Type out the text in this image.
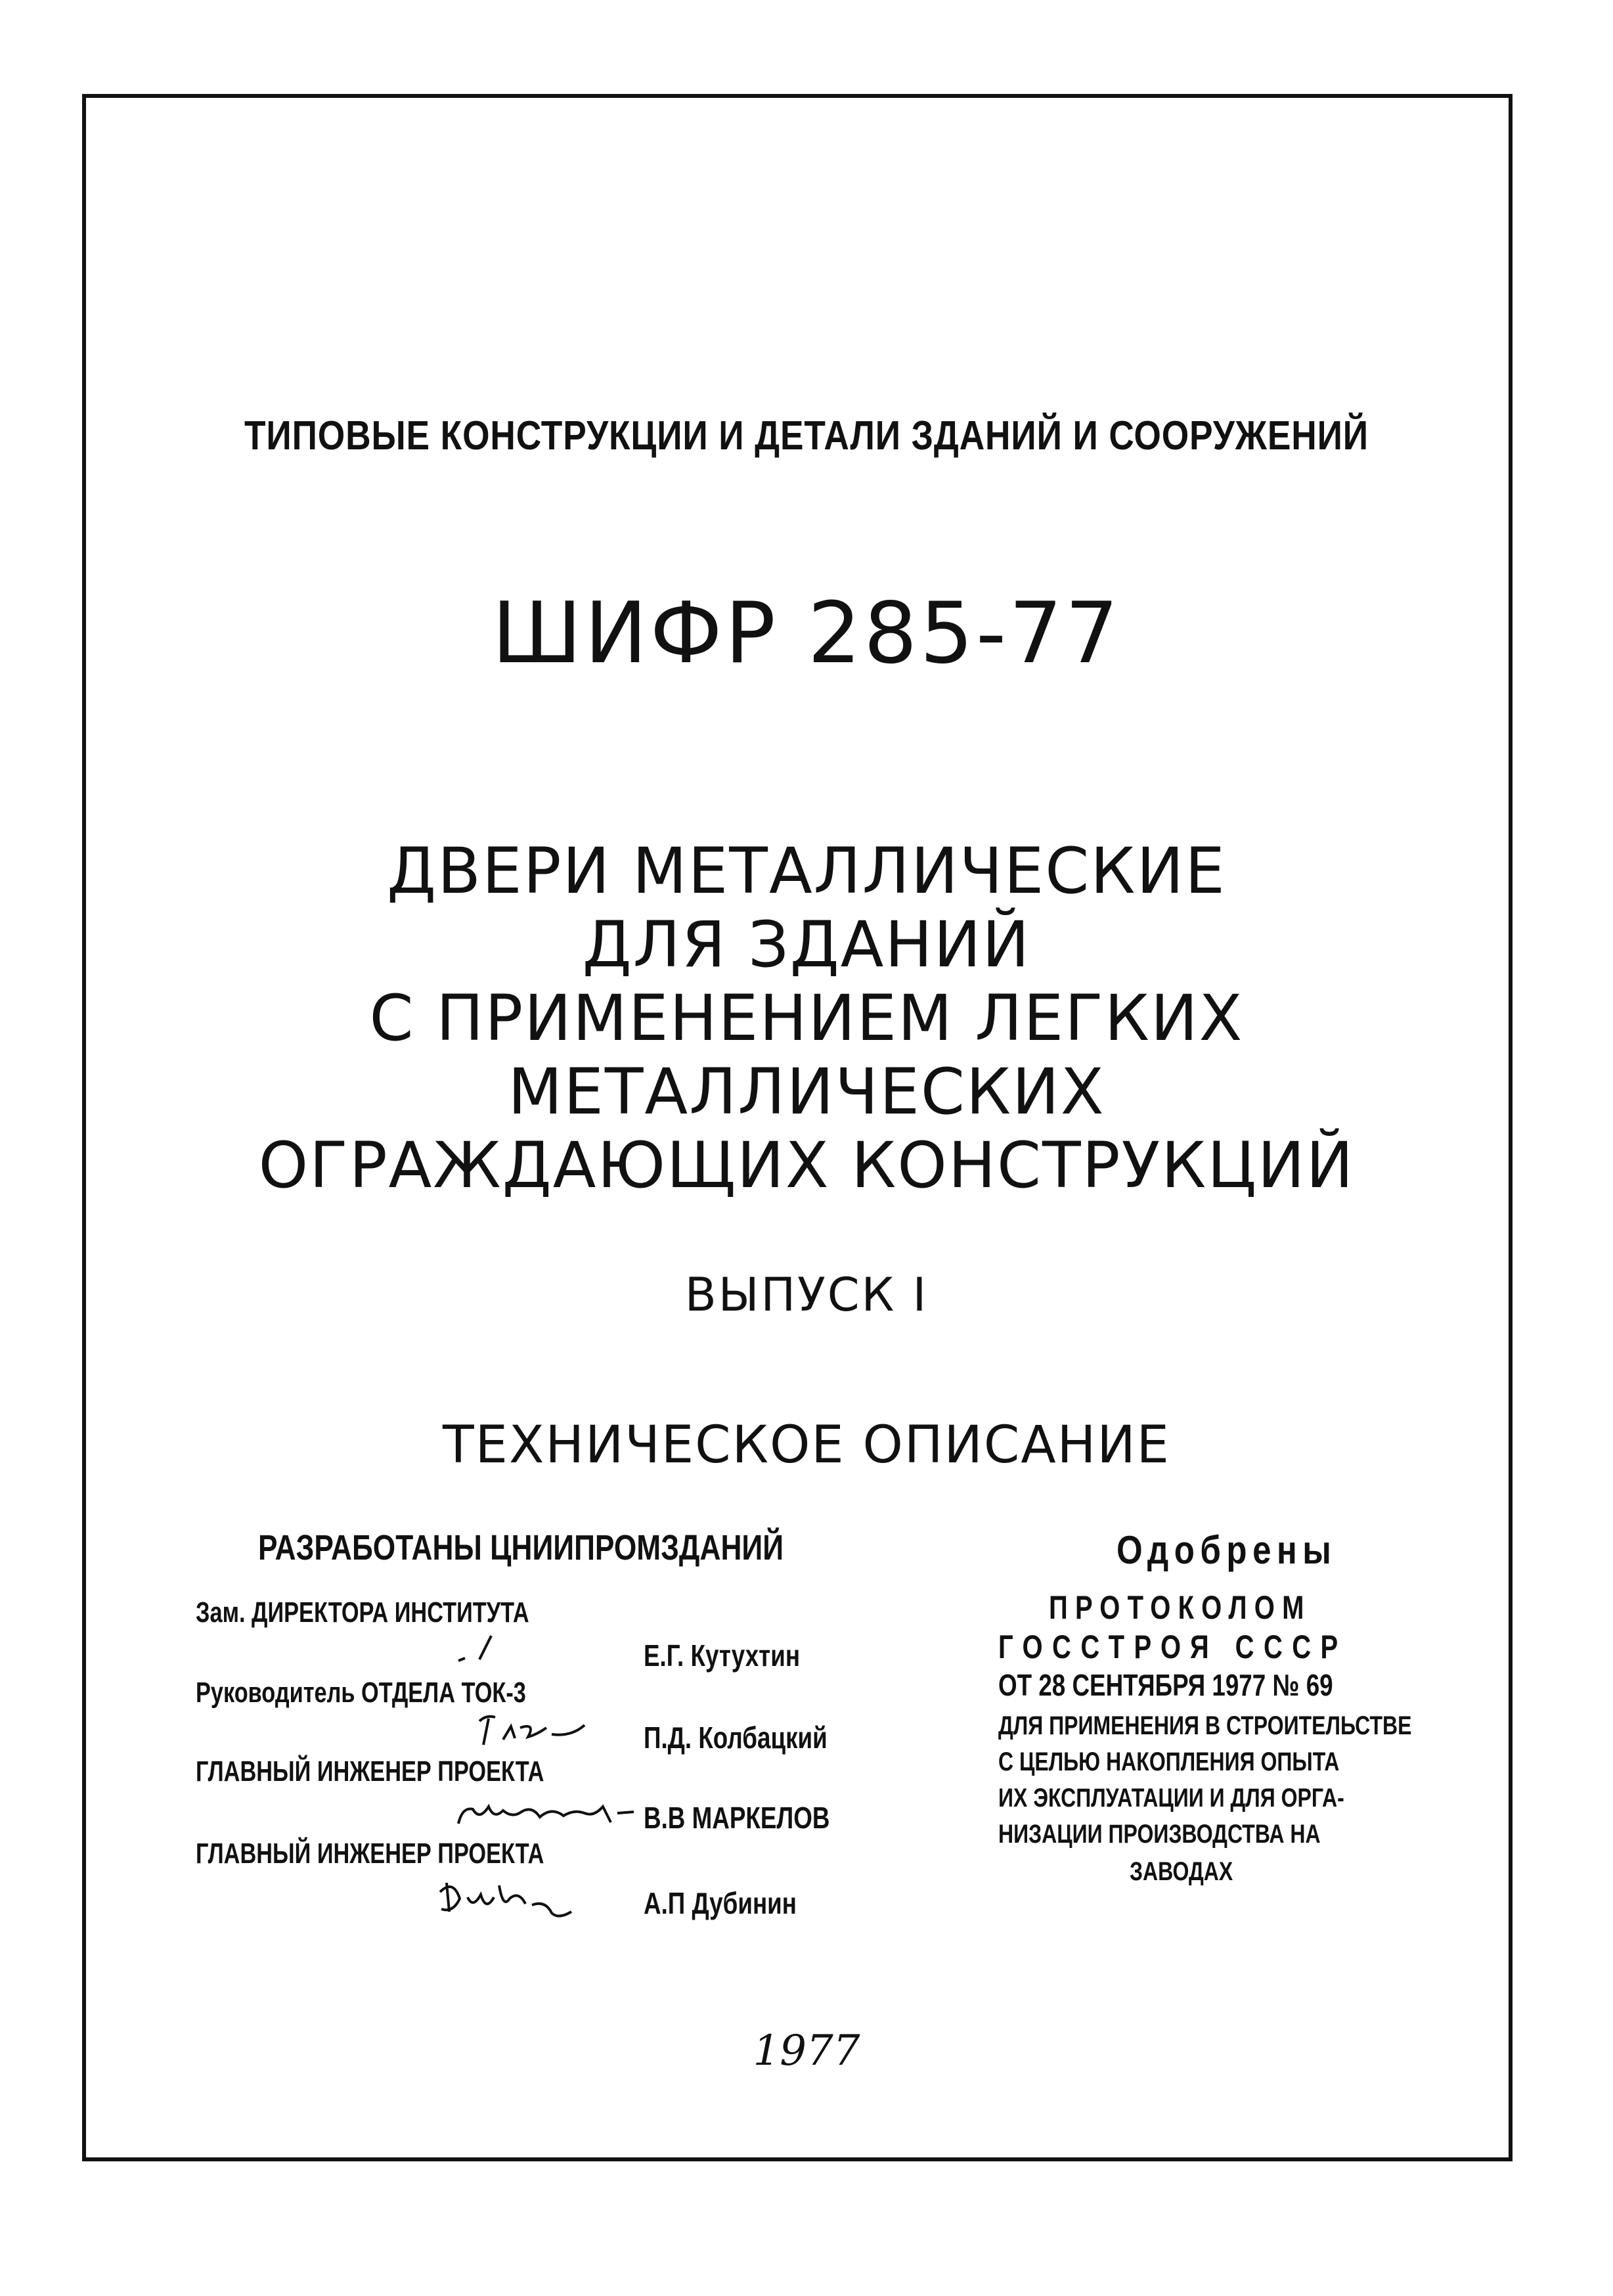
ТИПОВЫЕ КОНСТРУКЦИИ И ДЕТАЛИ ЗДАНИЙ И СООРУЖЕНИЙ
ШИФР 285-77
ДВЕРИ МЕТАЛЛИЧЕСКИЕ
ДЛЯ ЗДАНИЙ
С ПРИМЕНЕНИЕМ ЛЕГКИХ
МЕТАЛЛИЧЕСКИХ
ОГРАЖДАЮЩИХ КОНСТРУКЦИЙ
ВЫПУСК I
ТЕХНИЧЕСКОЕ ОПИСАНИЕ
РАЗРАБОТАНЫ ЦНИИПРОМЗДАНИЙ
Зам. ДИРЕКТОРА ИНСТИТУТА
Е.Г. Кутухтин
Руководитель ОТДЕЛА ТОК-3
П.Д. Колбацкий
ГЛАВНЫЙ ИНЖЕНЕР ПРОЕКТА
В.В МАРКЕЛОВ
ГЛАВНЫЙ ИНЖЕНЕР ПРОЕКТА
А.П Дубинин
Одобрены
ПРОТОКОЛОМ
ГОССТРОЯ СССР
ОТ 28 СЕНТЯБРЯ 1977 № 69
ДЛЯ ПРИМЕНЕНИЯ В СТРОИТЕЛЬСТВЕ
С ЦЕЛЬЮ НАКОПЛЕНИЯ ОПЫТА
ИХ ЭКСПЛУАТАЦИИ И ДЛЯ ОРГА-
НИЗАЦИИ ПРОИЗВОДСТВА НА
ЗАВОДАХ
1977
